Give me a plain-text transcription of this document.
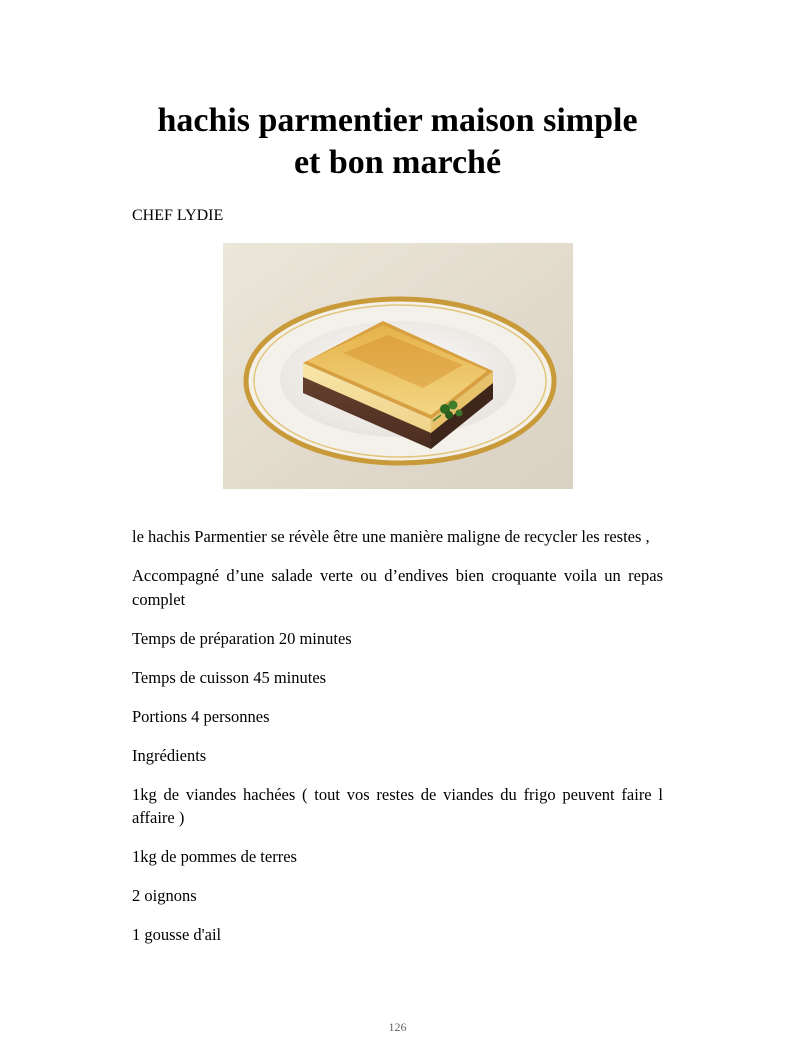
hachis parmentier maison simple
et bon marché
CHEF LYDIE

le hachis Parmentier se révèle être une manière maligne de recycler les restes ,

Accompagné d’une salade verte ou d’endives bien croquante voila un repas complet

Temps de préparation 20 minutes

Temps de cuisson 45 minutes

Portions 4 personnes

Ingrédients

1kg de viandes hachées ( tout vos restes de viandes du frigo peuvent faire l affaire )

1kg de pommes de terres

2 oignons

1 gousse d'ail

126
